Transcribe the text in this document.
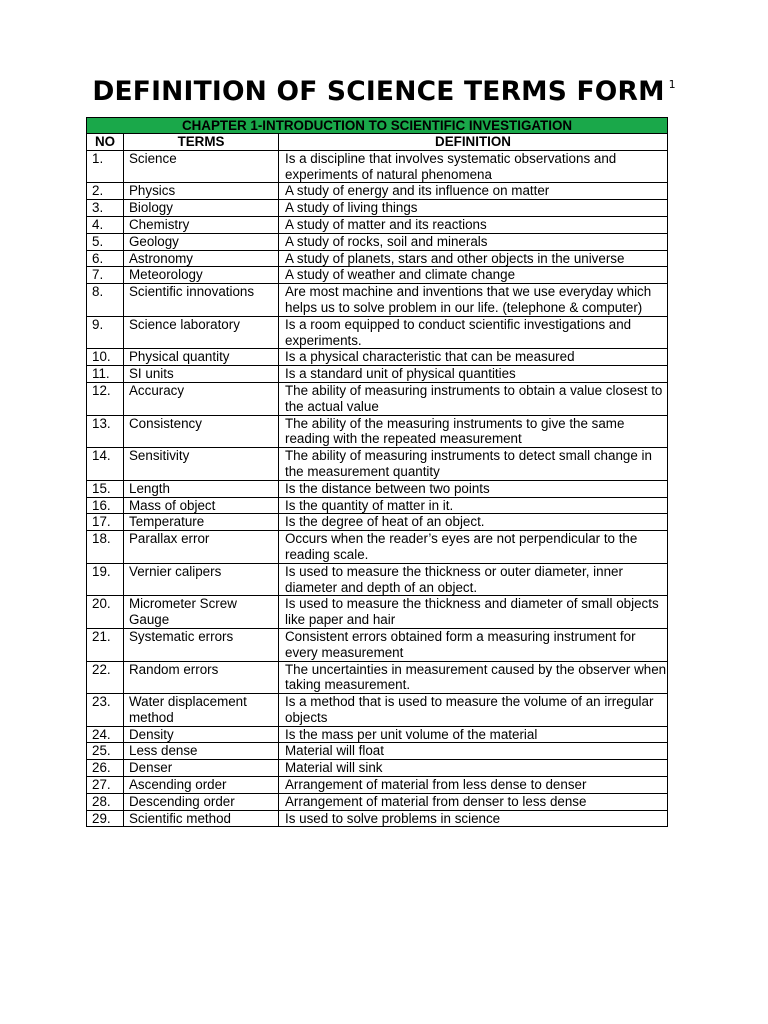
DEFINITION OF SCIENCE TERMS FORM $^1$
CHAPTER 1-INTRODUCTION TO SCIENTIFIC INVESTIGATION		
NO	TERMS	DEFINITION
1.	Science	Is a discipline that involves systematic observations and experiments of natural phenomena
2.	Physics	A study of energy and its influence on matter
3.	Biology	A study of living things
4.	Chemistry	A study of matter and its reactions
5.	Geology	A study of rocks, soil and minerals
6.	Astronomy	A study of planets, stars and other objects in the universe
7.	Meteorology	A study of weather and climate change
8.	Scientific innovations	Are most machine and inventions that we use everyday which helps us to solve problem in our life. (telephone & computer)
9.	Science laboratory	Is a room equipped to conduct scientific investigations and experiments.
10.	Physical quantity	Is a physical characteristic that can be measured
11.	SI units	Is a standard unit of physical quantities
12.	Accuracy	The ability of measuring instruments to obtain a value closest to the actual value
13.	Consistency	The ability of the measuring instruments to give the same reading with the repeated measurement
14.	Sensitivity	The ability of measuring instruments to detect small change in the measurement quantity
15.	Length	Is the distance between two points
16.	Mass of object	Is the quantity of matter in it.
17.	Temperature	Is the degree of heat of an object.
18.	Parallax error	Occurs when the reader’s eyes are not perpendicular to the reading scale.
19.	Vernier calipers	Is used to measure the thickness or outer diameter, inner diameter and depth of an object.
20.	Micrometer Screw Gauge	Is used to measure the thickness and diameter of small objects like paper and hair
21.	Systematic errors	Consistent errors obtained form a measuring instrument for every measurement
22.	Random errors	The uncertainties in measurement caused by the observer when taking measurement.
23.	Water displacement method	Is a method that is used to measure the volume of an irregular objects
24.	Density	Is the mass per unit volume of the material
25.	Less dense	Material will float
26.	Denser	Material will sink
27.	Ascending order	Arrangement of material from less dense to denser
28.	Descending order	Arrangement of material from denser to less dense
29.	Scientific method	Is used to solve problems in science
